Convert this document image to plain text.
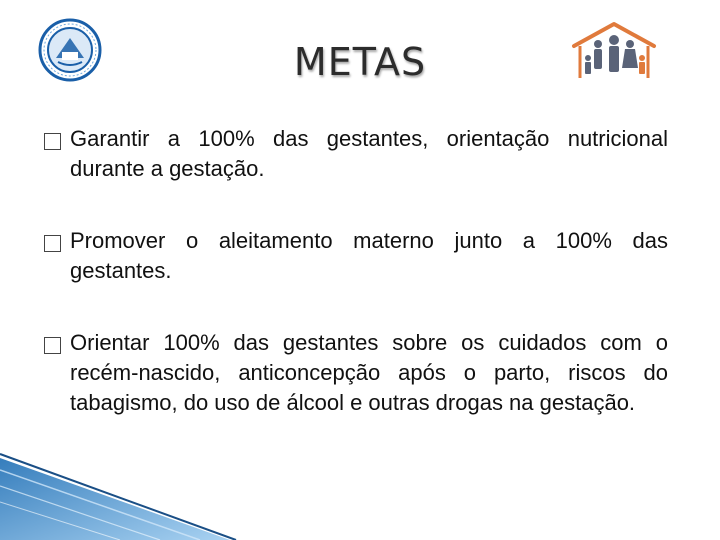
METAS
Garantir a 100% das gestantes, orientação nutricional durante a gestação.
Promover o aleitamento materno junto a 100% das gestantes.
Orientar 100% das gestantes sobre os cuidados com o recém-nascido, anticoncepção após o parto, riscos do tabagismo, do uso de álcool e outras drogas na gestação.
